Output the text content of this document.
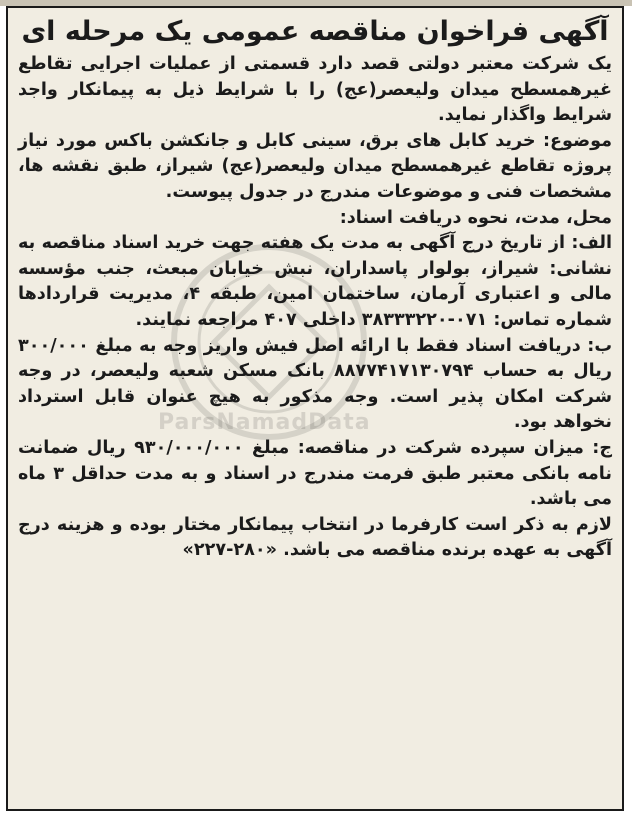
ParsNamadData
آگهی فراخوان مناقصه عمومی یک مرحله ای

یک شرکت معتبر دولتی قصد دارد قسمتی از عملیات اجرایی تقاطع غیرهمسطح میدان ولیعصر(عج) را با شرایط ذیل به پیمانکار واجد شرایط واگذار نماید.

موضوع: خرید کابل های برق، سینی کابل و جانکشن باکس مورد نیاز پروژه تقاطع غیرهمسطح میدان ولیعصر(عج) شیراز، طبق نقشه ها، مشخصات فنی و موضوعات مندرج در جدول پیوست.

محل، مدت، نحوه دریافت اسناد:

الف: از تاریخ درج آگهی به مدت یک هفته جهت خرید اسناد مناقصه به نشانی: شیراز، بولوار پاسداران، نبش خیابان مبعث، جنب مؤسسه مالی و اعتباری آرمان، ساختمان امین، طبقه ۴، مدیریت قراردادها شماره تماس: ۰۷۱-۳۸۳۳۳۲۲۰ داخلی ۴۰۷ مراجعه نمایند.

ب: دریافت اسناد فقط با ارائه اصل فیش واریز وجه به مبلغ ۳۰۰/۰۰۰ ریال به حساب ۸۸۷۷۴۱۷۱۳۰۷۹۴ بانک مسکن شعبه ولیعصر، در وجه شرکت امکان پذیر است. وجه مذکور به هیچ عنوان قابل استرداد نخواهد بود.

ج: میزان سپرده شرکت در مناقصه: مبلغ ۹۳۰/۰۰۰/۰۰۰ ریال ضمانت نامه بانکی معتبر طبق فرمت مندرج در اسناد و به مدت حداقل ۳ ماه می باشد.

لازم به ذکر است کارفرما در انتخاب پیمانکار مختار بوده و هزینه درج آگهی به عهده برنده مناقصه می باشد. «۲۲۷-۲۸۰»
